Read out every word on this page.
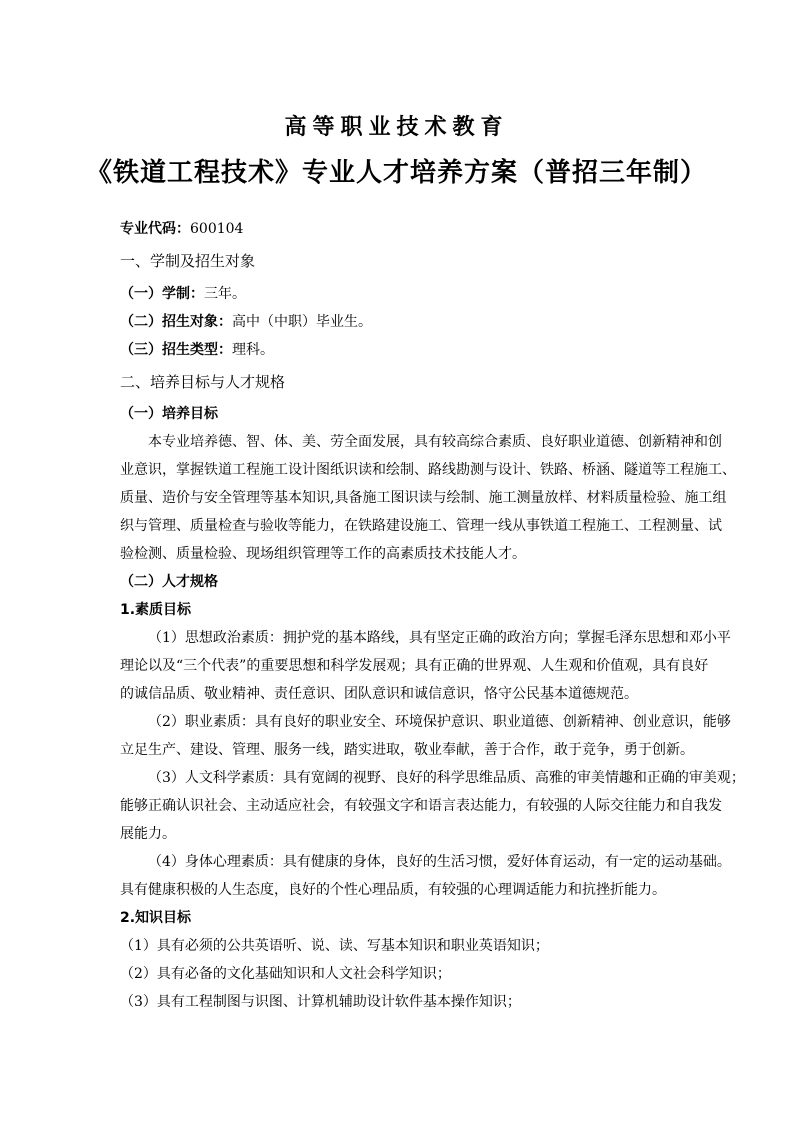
高等职业技术教育
《铁道工程技术》专业人才培养方案（普招三年制）
专业代码：600104
一、学制及招生对象
（一）学制：三年。
（二）招生对象：高中（中职）毕业生。
（三）招生类型：理科。
二、培养目标与人才规格
（一）培养目标
本专业培养德、智、体、美、劳全面发展，具有较高综合素质、良好职业道德、创新精神和创
业意识，掌握铁道工程施工设计图纸识读和绘制、路线勘测与设计、铁路、桥涵、隧道等工程施工、
质量、造价与安全管理等基本知识,具备施工图识读与绘制、施工测量放样、材料质量检验、施工组
织与管理、质量检查与验收等能力，在铁路建设施工、管理一线从事铁道工程施工、工程测量、试
验检测、质量检验、现场组织管理等工作的高素质技术技能人才。
（二）人才规格
1.素质目标
（1）思想政治素质：拥护党的基本路线，具有坚定正确的政治方向；掌握毛泽东思想和邓小平
理论以及“三个代表”的重要思想和科学发展观；具有正确的世界观、人生观和价值观，具有良好
的诚信品质、敬业精神、责任意识、团队意识和诚信意识，恪守公民基本道德规范。
（2）职业素质：具有良好的职业安全、环境保护意识、职业道德、创新精神、创业意识，能够
立足生产、建设、管理、服务一线，踏实进取，敬业奉献，善于合作，敢于竞争，勇于创新。
（3）人文科学素质：具有宽阔的视野、良好的科学思维品质、高雅的审美情趣和正确的审美观；
能够正确认识社会、主动适应社会，有较强文字和语言表达能力，有较强的人际交往能力和自我发
展能力。
（4）身体心理素质：具有健康的身体，良好的生活习惯，爱好体育运动，有一定的运动基础。
具有健康积极的人生态度，良好的个性心理品质，有较强的心理调适能力和抗挫折能力。
2.知识目标
（1）具有必须的公共英语听、说、读、写基本知识和职业英语知识；
（2）具有必备的文化基础知识和人文社会科学知识；
（3）具有工程制图与识图、计算机辅助设计软件基本操作知识；
